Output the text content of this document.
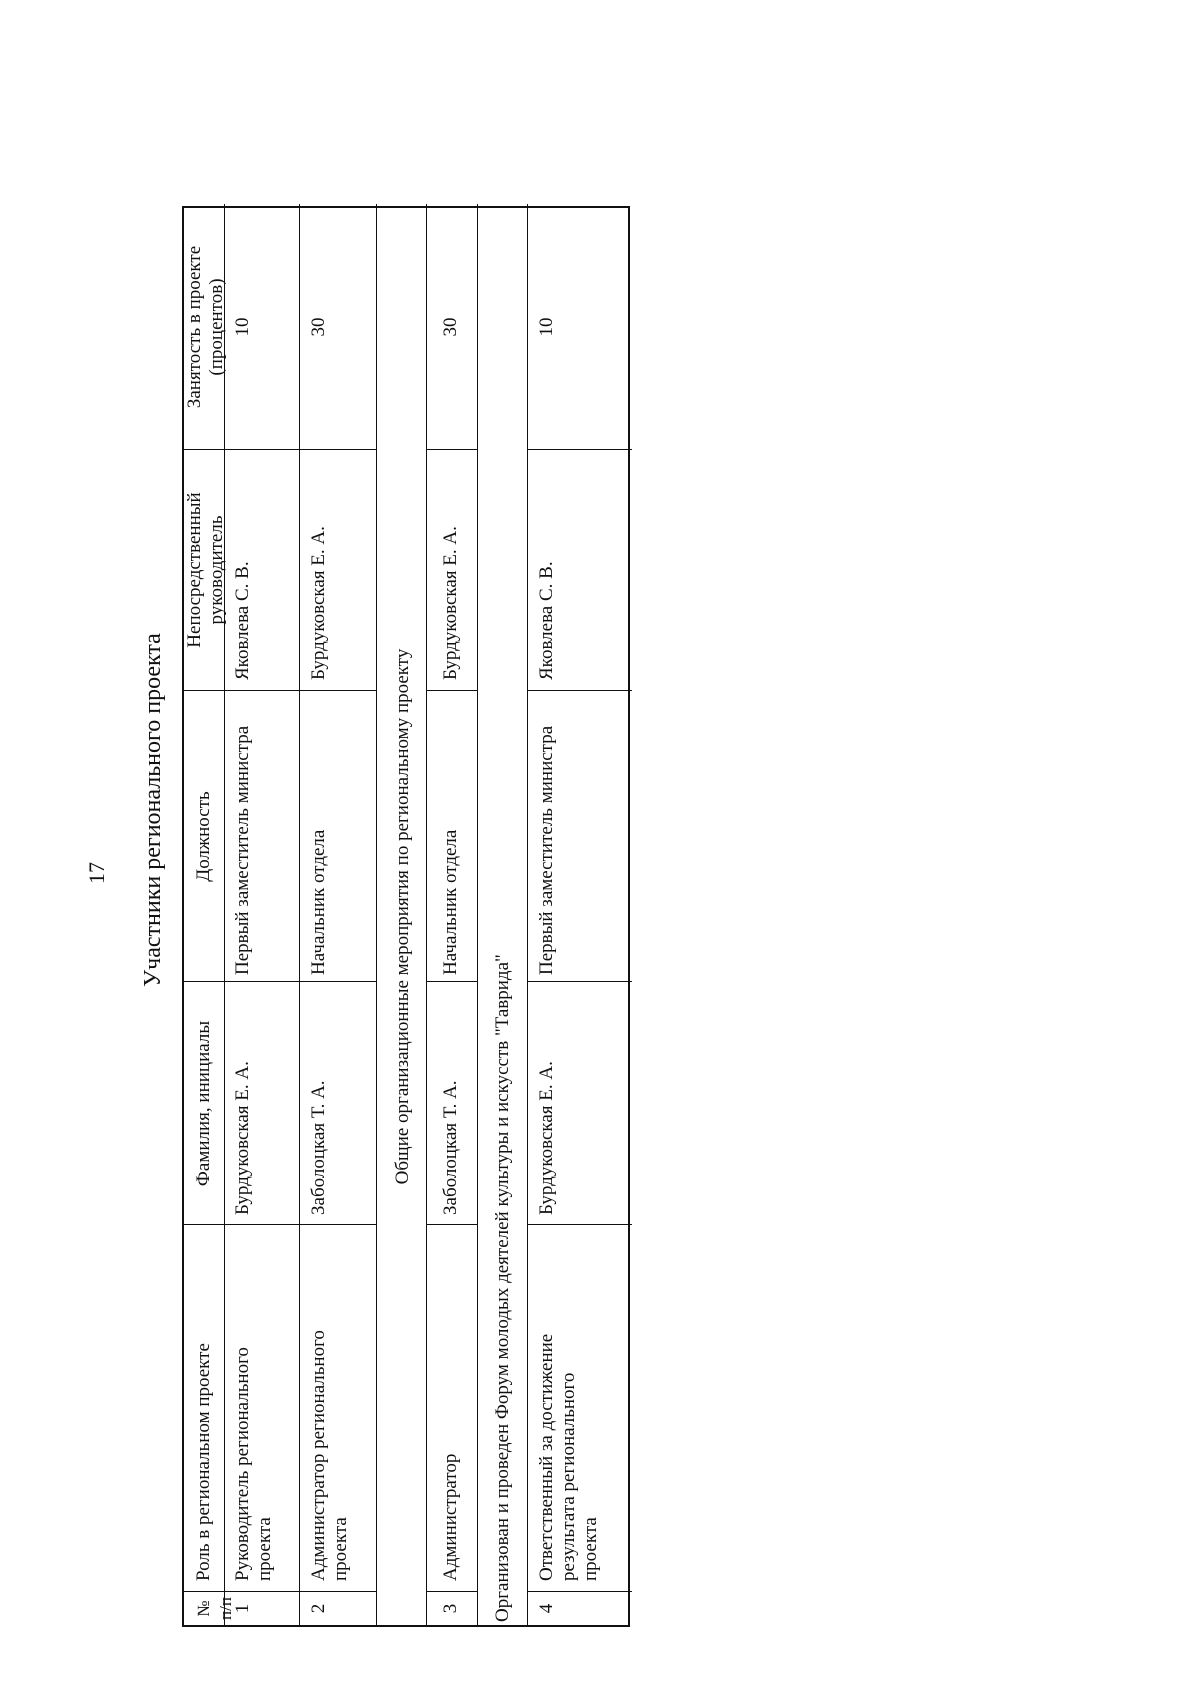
17 Участники регионального проекта
№ п/п
Роль в региональном проекте
Фамилия, инициалы
Должность
Непосредственный руководитель
Занятость в проекте (процентов)
1
Руководитель регионального проекта
Бурдуковская Е. А.
Первый заместитель министра
Яковлева С. В.
10
2
Администратор регионального проекта
Заболоцкая Т. А.
Начальник отдела
Бурдуковская Е. А.
30
Общие организационные мероприятия по региональному проекту
3
Администратор
Заболоцкая Т. А.
Начальник отдела
Бурдуковская Е. А.
30
Организован и проведен Форум молодых деятелей культуры и искусств "Таврида" 4
Ответственный за достижение результата регионального проекта
Бурдуковская Е. А.
Первый заместитель министра
Яковлева С. В.
10
